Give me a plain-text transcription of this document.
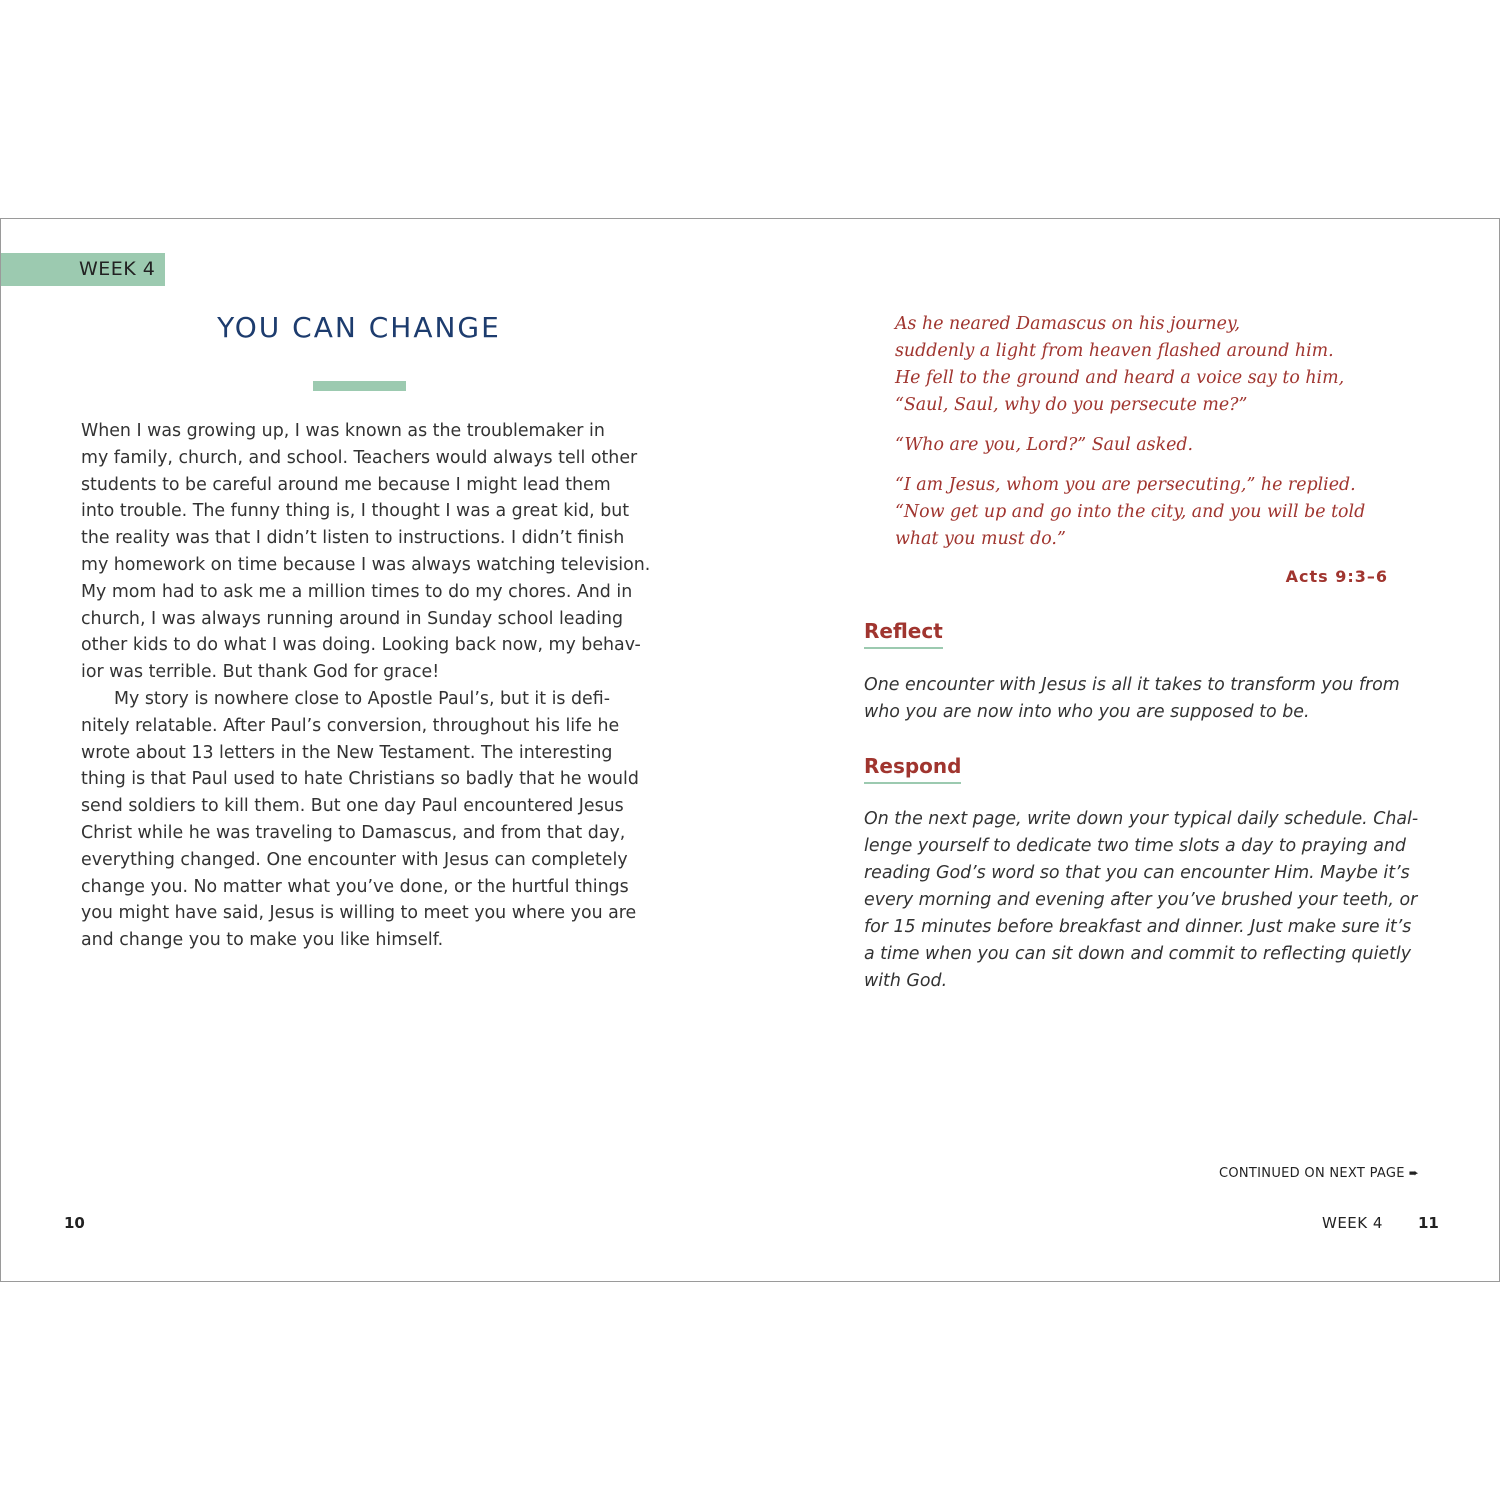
WEEK 4
YOU CAN CHANGE

When I was growing up, I was known as the troublemaker in

my family, church, and school. Teachers would always tell other

students to be careful around me because I might lead them

into trouble. The funny thing is, I thought I was a great kid, but

the reality was that I didn’t listen to instructions. I didn’t finish

my homework on time because I was always watching television.

My mom had to ask me a million times to do my chores. And in

church, I was always running around in Sunday school leading

other kids to do what I was doing. Looking back now, my behav-

ior was terrible. But thank God for grace!

My story is nowhere close to Apostle Paul’s, but it is defi-

nitely relatable. After Paul’s conversion, throughout his life he

wrote about 13 letters in the New Testament. The interesting

thing is that Paul used to hate Christians so badly that he would

send soldiers to kill them. But one day Paul encountered Jesus

Christ while he was traveling to Damascus, and from that day,

everything changed. One encounter with Jesus can completely

change you. No matter what you’ve done, or the hurtful things

you might have said, Jesus is willing to meet you where you are

and change you to make you like himself.

10

As he neared Damascus on his journey,
suddenly a light from heaven flashed around him.
He fell to the ground and heard a voice say to him,
“Saul, Saul, why do you persecute me?”

“Who are you, Lord?” Saul asked.

“I am Jesus, whom you are persecuting,” he replied.
“Now get up and go into the city, and you will be told
what you must do.”

Acts 9:3–6
Reflect

One encounter with Jesus is all it takes to transform you from

who you are now into who you are supposed to be.

Respond

On the next page, write down your typical daily schedule. Chal-

lenge yourself to dedicate two time slots a day to praying and

reading God’s word so that you can encounter Him. Maybe it’s

every morning and evening after you’ve brushed your teeth, or

for 15 minutes before breakfast and dinner. Just make sure it’s

a time when you can sit down and commit to reflecting quietly

with God.

CONTINUED ON NEXT PAGE ➨
WEEK 4 11
